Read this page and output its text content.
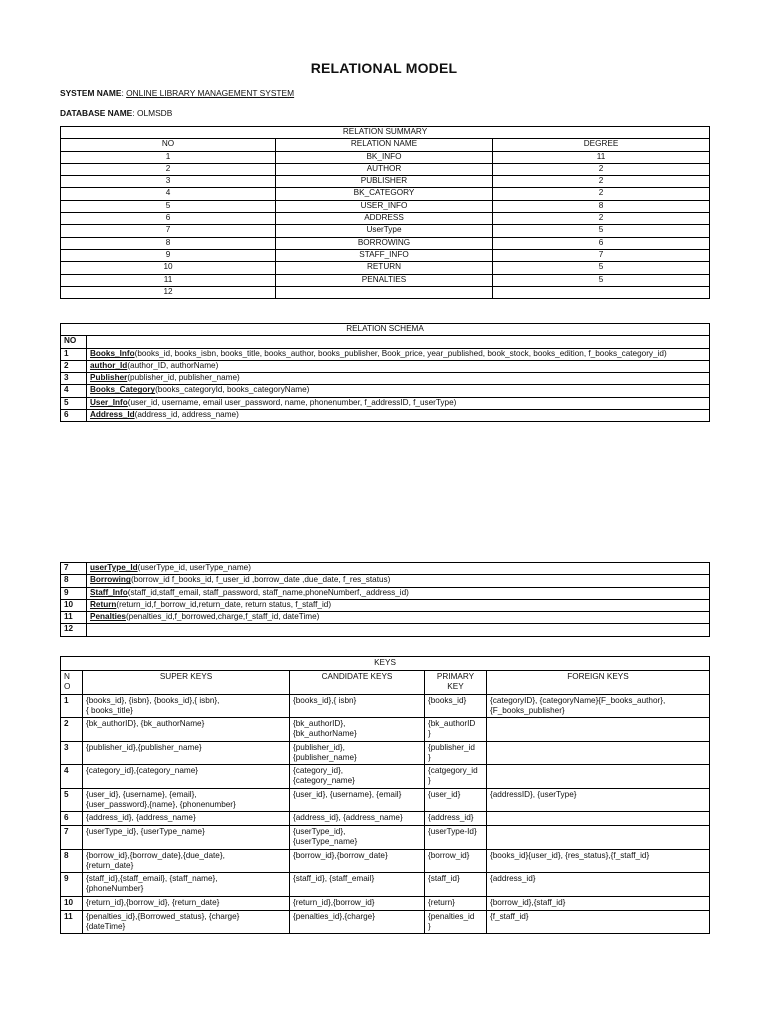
RELATIONAL MODEL
SYSTEM NAME: ONLINE LIBRARY MANAGEMENT SYSTEM
DATABASE NAME: OLMSDB
RELATION SUMMARY		
NO	RELATION NAME	DEGREE
1	BK_INFO	11
2	AUTHOR	2
3	PUBLISHER	2
4	BK_CATEGORY	2
5	USER_INFO	8
6	ADDRESS	2
7	UserType	5
8	BORROWING	6
9	STAFF_INFO	7
10	RETURN	5
11	PENALTIES	5
12		
RELATION SCHEMA	
NO	
1	Books_Info(books_id, books_isbn, books_title, books_author, books_publisher, Book_price, year_published, book_stock, books_edition, f_books_category_id)
2	author_Id(author_ID, authorName)
3	Publisher(publisher_id, publisher_name)
4	Books_Category(books_categoryId, books_categoryName)
5	User_Info(user_id, username, email user_password, name, phonenumber, f_addressID, f_userType)
6	Address_Id(address_id, address_name)
7	userType_Id(userType_id, userType_name)
8	Borrowing(borrow_id f_books_id, f_user_id ,borrow_date ,due_date, f_res_status)
9	Staff_Info(staff_id,staff_email, staff_password, staff_name,phoneNumberf,_address_id)
10	Return(return_id,f_borrow_id,return_date, return status, f_staff_id)
11	Penalties(penalties_id,f_borrowed,charge,f_staff_id, dateTime)
12	
KEYS				
N
O	SUPER KEYS	CANDIDATE KEYS	PRIMARY KEY	FOREIGN KEYS
1	{books_id}, {isbn}, {books_id},{ isbn},
{ books_title}	{books_id},{ isbn}	{books_id}	{categoryID}, {categoryName}{F_books_author},
{F_books_publisher}
2	{bk_authorID}, {bk_authorName}	{bk_authorID},
{bk_authorName}	{bk_authorID
}	
3	{publisher_id},{publisher_name}	{publisher_id},
{publisher_name}	{publisher_id
}	
4	{category_id},{category_name}	{category_id},
{category_name}	{catgegory_id
}	
5	{user_id}, {username}, {email},
{user_password},{name}, {phonenumber}	{user_id}, {username}, {email}	{user_id}	{addressID}, {userType}
6	{address_id}, {address_name}	{address_id}, {address_name}	{address_id}	
7	{userType_id}, {userType_name}	{userType_id},
{userType_name}	{userType-Id}	
8	{borrow_id},{borrow_date},{due_date},
{return_date}	{borrow_id},{borrow_date}	{borrow_id}	{books_id}{user_id}, {res_status},{f_staff_id}
9	{staff_id},{staff_email}, {staff_name},
{phoneNumber}	{staff_id}, {staff_email}	{staff_id}	{address_id}
10	{return_id},{borrow_id}, {return_date}	{return_id},{borrow_id}	{return}	{borrow_id},{staff_id}
11	{penalties_id},{Borrowed_status}, {charge}
{dateTime}	{penalties_id},{charge}	{penalties_id
}	{f_staff_id}
